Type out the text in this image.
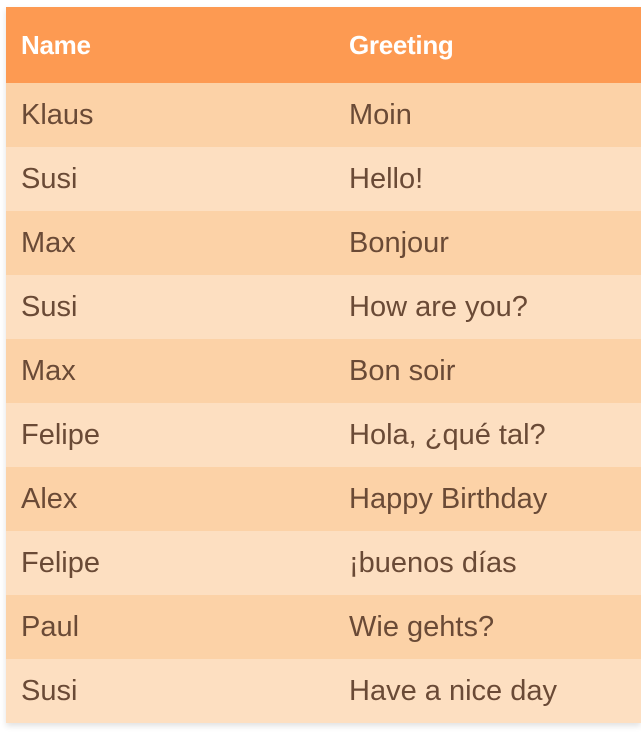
Name	Greeting
Klaus	Moin
Susi	Hello!
Max	Bonjour
Susi	How are you?
Max	Bon soir
Felipe	Hola, ¿qué tal?
Alex	Happy Birthday
Felipe	¡buenos días
Paul	Wie gehts?
Susi	Have a nice day
